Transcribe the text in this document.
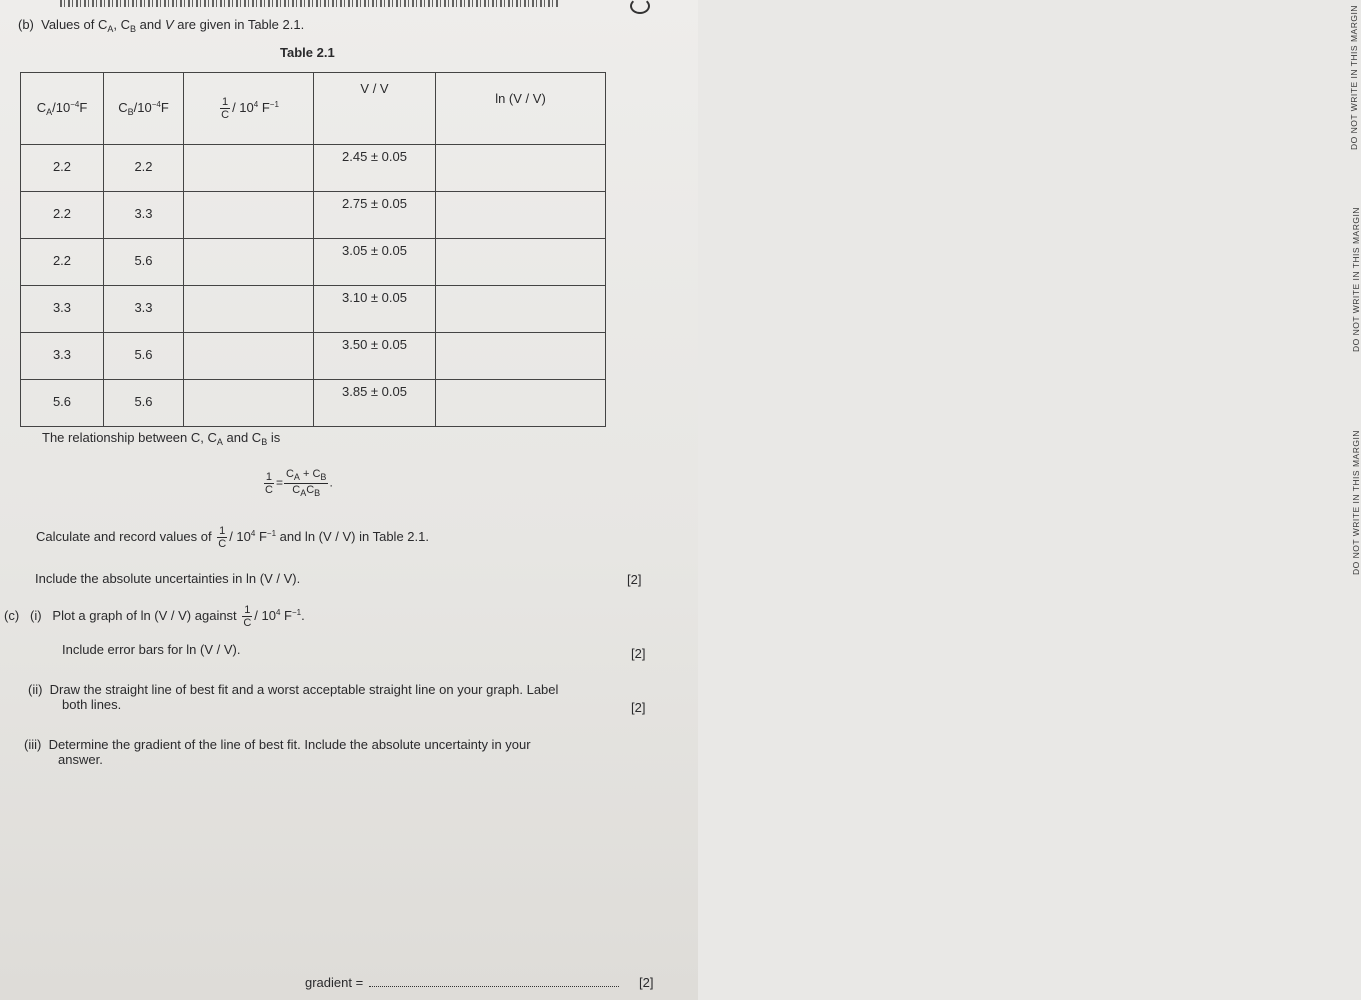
DO NOT WRITE IN THIS MARGIN
DO NOT WRITE IN THIS MARGIN
DO NOT WRITE IN THIS MARGIN
(b) Values of $C_A$, $C_B$ and V are given in Table 2.1.
Table 2.1
$C_A/10^{-4}F$	$C_B/10^{-4}F$	$\frac{1}{C} / 10^4$ $F^{-1}$	V / V	ln (V / V)
2.2	2.2		2.45 ± 0.05	
2.2	3.3		2.75 ± 0.05	
2.2	5.6		3.05 ± 0.05	
3.3	3.3		3.10 ± 0.05	
3.3	5.6		3.50 ± 0.05	
5.6	5.6		3.85 ± 0.05	
The relationship between C, $C_A$ and $C_B$ is
$\frac{1}{C} = \frac{C_A + C_B}{C_AC_B}$ .
Calculate and record values of $\frac{1}{C} / 10^4$ $F^{-1}$ and ln (V / V) in Table 2.1.
Include the absolute uncertainties in ln (V / V).	[2]
(c) (i) Plot a graph of ln (V / V) against $\frac{1}{C} / 10^4$ $F^{-1}$.
Include error bars for ln (V / V).	[2]
(ii) Draw the straight line of best fit and a worst acceptable straight line on your graph. Label
both lines.	[2]
(iii) Determine the gradient of the line of best fit. Include the absolute uncertainty in your
answer.
gradient =	[2]
